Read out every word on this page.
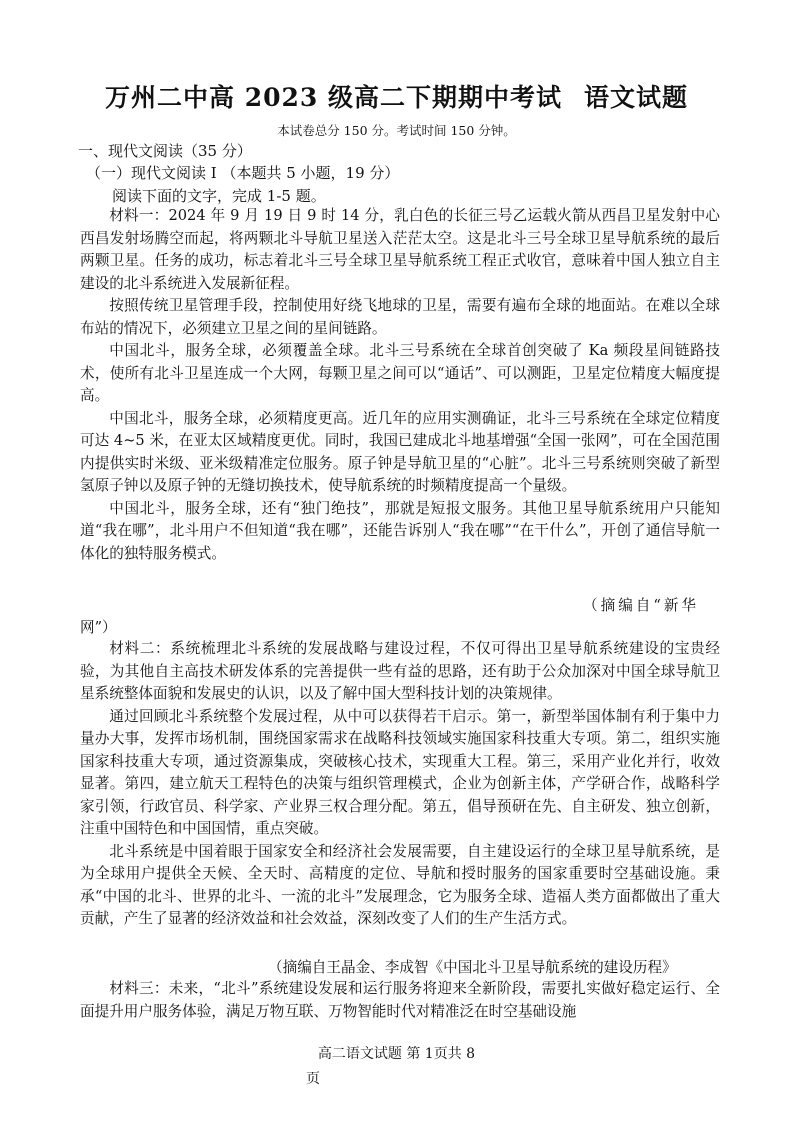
万州二中高 2023 级高二下期期中考试 语文试题
本试卷总分 150 分。考试时间 150 分钟。
一、现代文阅读（35 分）
（一）现代文阅读 I （本题共 5 小题，19 分）
阅读下面的文字，完成 1-5 题。

材料一：2024 年 9 月 19 日 9 时 14 分，乳白色的长征三号乙运载火箭从西昌卫星发射中心西昌发射场腾空而起，将两颗北斗导航卫星送入茫茫太空。这是北斗三号全球卫星导航系统的最后两颗卫星。任务的成功，标志着北斗三号全球卫星导航系统工程正式收官，意味着中国人独立自主建设的北斗系统进入发展新征程。

按照传统卫星管理手段，控制使用好绕飞地球的卫星，需要有遍布全球的地面站。在难以全球布站的情况下，必须建立卫星之间的星间链路。

中国北斗，服务全球，必须覆盖全球。北斗三号系统在全球首创突破了 Ka 频段星间链路技术，使所有北斗卫星连成一个大网，每颗卫星之间可以“通话”、可以测距，卫星定位精度大幅度提高。

中国北斗，服务全球，必须精度更高。近几年的应用实测确证，北斗三号系统在全球定位精度可达 4~5 米，在亚太区域精度更优。同时，我国已建成北斗地基增强“全国一张网”，可在全国范围内提供实时米级、亚米级精准定位服务。原子钟是导航卫星的“心脏”。北斗三号系统则突破了新型氢原子钟以及原子钟的无缝切换技术，使导航系统的时频精度提高一个量级。

中国北斗，服务全球，还有“独门绝技”，那就是短报文服务。其他卫星导航系统用户只能知道“我在哪”，北斗用户不但知道“我在哪”，还能告诉别人“我在哪”“在干什么”，开创了通信导航一体化的独特服务模式。

（摘编自“新华
网”）

材料二：系统梳理北斗系统的发展战略与建设过程，不仅可得出卫星导航系统建设的宝贵经验，为其他自主高技术研发体系的完善提供一些有益的思路，还有助于公众加深对中国全球导航卫星系统整体面貌和发展史的认识，以及了解中国大型科技计划的决策规律。

通过回顾北斗系统整个发展过程，从中可以获得若干启示。第一，新型举国体制有利于集中力量办大事，发挥市场机制，围绕国家需求在战略科技领域实施国家科技重大专项。第二，组织实施国家科技重大专项，通过资源集成，突破核心技术，实现重大工程。第三，采用产业化并行，收效显著。第四，建立航天工程特色的决策与组织管理模式，企业为创新主体，产学研合作，战略科学家引领，行政官员、科学家、产业界三权合理分配。第五，倡导预研在先、自主研发、独立创新，注重中国特色和中国国情，重点突破。

北斗系统是中国着眼于国家安全和经济社会发展需要，自主建设运行的全球卫星导航系统，是为全球用户提供全天候、全天时、高精度的定位、导航和授时服务的国家重要时空基础设施。秉承“中国的北斗、世界的北斗、一流的北斗”发展理念，它为服务全球、造福人类方面都做出了重大贡献，产生了显著的经济效益和社会效益，深刻改变了人们的生产生活方式。

（摘编自王晶金、李成智《中国北斗卫星导航系统的建设历程》

材料三：未来，“北斗”系统建设发展和运行服务将迎来全新阶段，需要扎实做好稳定运行、全面提升用户服务体验，满足万物互联、万物智能时代对精准泛在时空基础设施

高二语文试题 第 1页共 8
页
